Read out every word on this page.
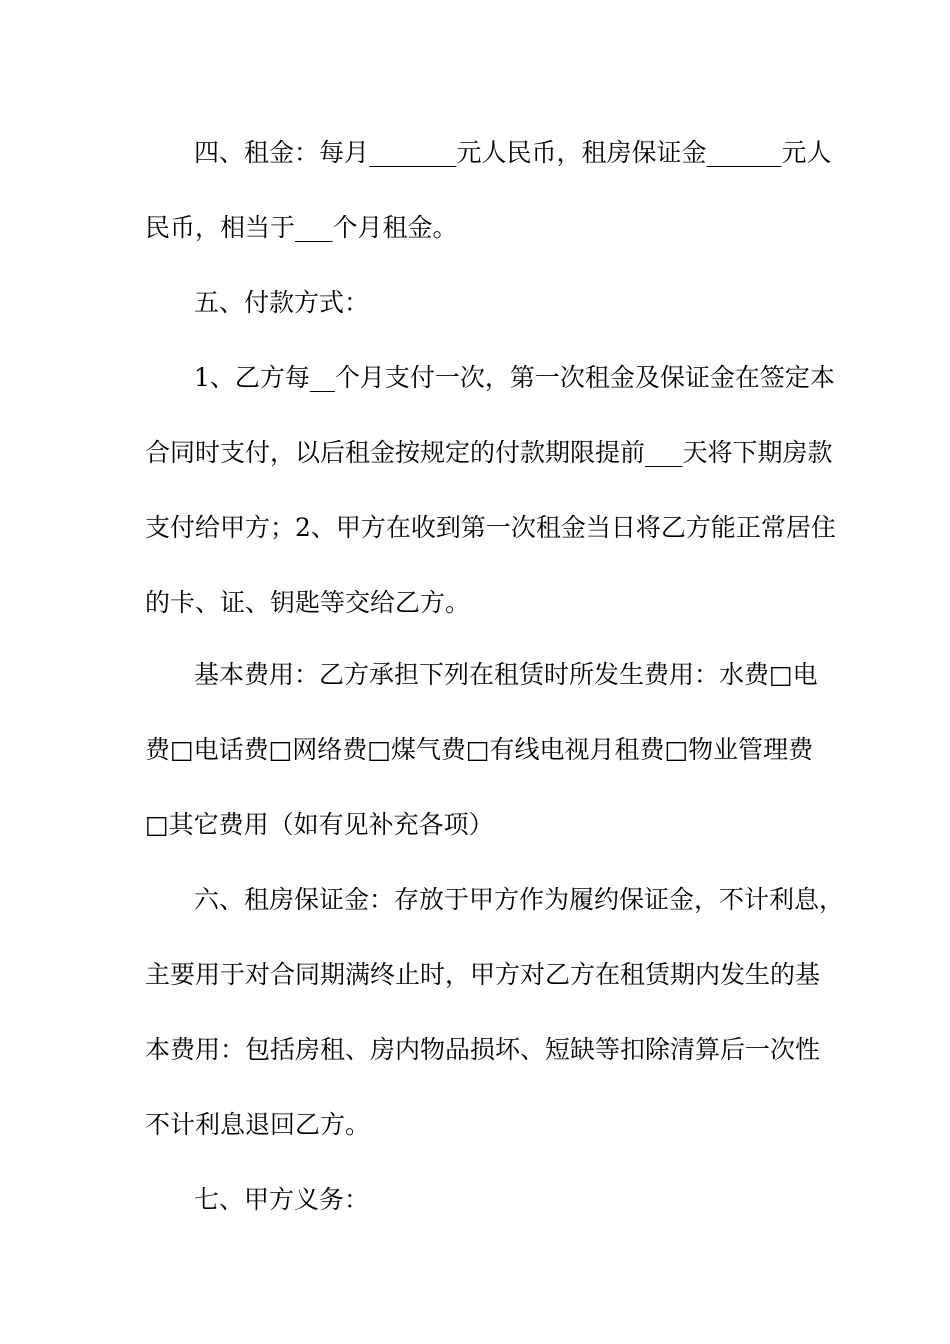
四、租金：每月_______元人民币，租房保证金______元人
民币，相当于___个月租金。
五、付款方式：
1、乙方每__个月支付一次，第一次租金及保证金在签定本
合同时支付，以后租金按规定的付款期限提前___天将下期房款
支付给甲方；2、甲方在收到第一次租金当日将乙方能正常居住
的卡、证、钥匙等交给乙方。
基本费用：乙方承担下列在租赁时所发生费用：水费□电
费□电话费□网络费□煤气费□有线电视月租费□物业管理费
□其它费用（如有见补充各项）
六、租房保证金：存放于甲方作为履约保证金，不计利息，
主要用于对合同期满终止时，甲方对乙方在租赁期内发生的基
本费用：包括房租、房内物品损坏、短缺等扣除清算后一次性
不计利息退回乙方。
七、甲方义务：
